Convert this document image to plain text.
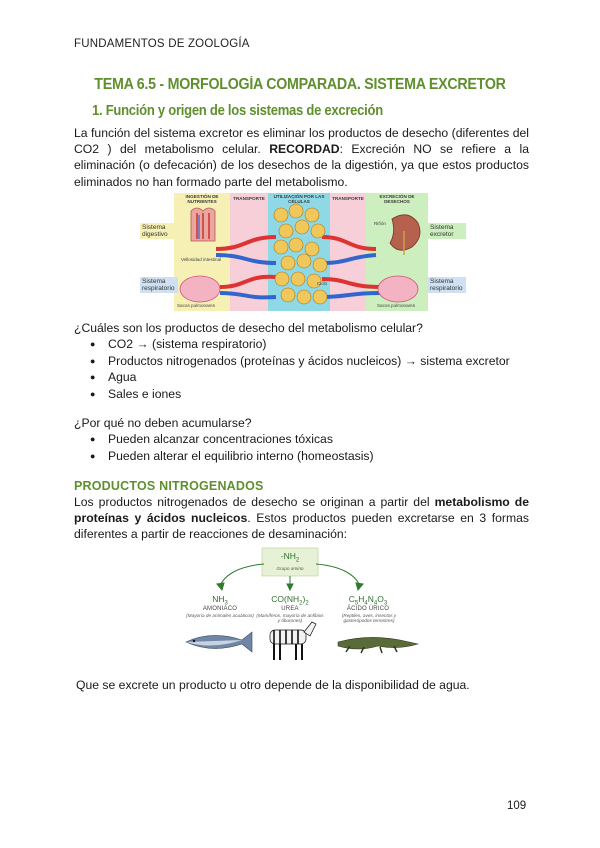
FUNDAMENTOS DE ZOOLOGÍA
TEMA 6.5 - MORFOLOGÍA COMPARADA. SISTEMA EXCRETOR
1. Función y origen de los sistemas de excreción
La función del sistema excretor es eliminar los productos de desecho (diferentes del CO2 ) del metabolismo celular. RECORDAD: Excreción NO se refiere a la eliminación (o defecación) de los desechos de la digestión, ya que estos productos eliminados no han formado parte del metabolismo.
INGESTIÓN DE NUTRIENTES
TRANSPORTE	UTILIZACIÓN POR LAS CÉLULAS
TRANSPORTE	EXCRECIÓN DE DESECHOS
Sistema digestivo
Sistema respiratorio
Sistema excretor
Sistema respiratorio
Vellosidad intestinal
Sacos pulmonares
Riñón
Sacos pulmonares
Ciclo
¿Cuáles son los productos de desecho del metabolismo celular?
● CO2 → (sistema respiratorio)
● Productos nitrogenados (proteínas y ácidos nucleicos) → sistema excretor
● Agua
● Sales e iones
¿Por qué no deben acumularse?
● Pueden alcanzar concentraciones tóxicas
● Pueden alterar el equilibrio interno (homeostasis)
PRODUCTOS NITROGENADOS
Los productos nitrogenados de desecho se originan a partir del metabolismo de proteínas y ácidos nucleicos. Estos productos pueden excretarse en 3 formas diferentes a partir de reacciones de desaminación:
$-NH_2$
Grupo amino
$NH_3$
AMONIACO
(Mayoría de animales acuáticos)
$CO(NH_2)_2$
UREA
(Mamíferos, mayoría de anfibios y tiburones)
$C_5H_4N_4O_3$
ÁCIDO ÚRICO
(Reptiles, aves, insectos y gasterópodos terrestres)
Que se excrete un producto u otro depende de la disponibilidad de agua.
109
